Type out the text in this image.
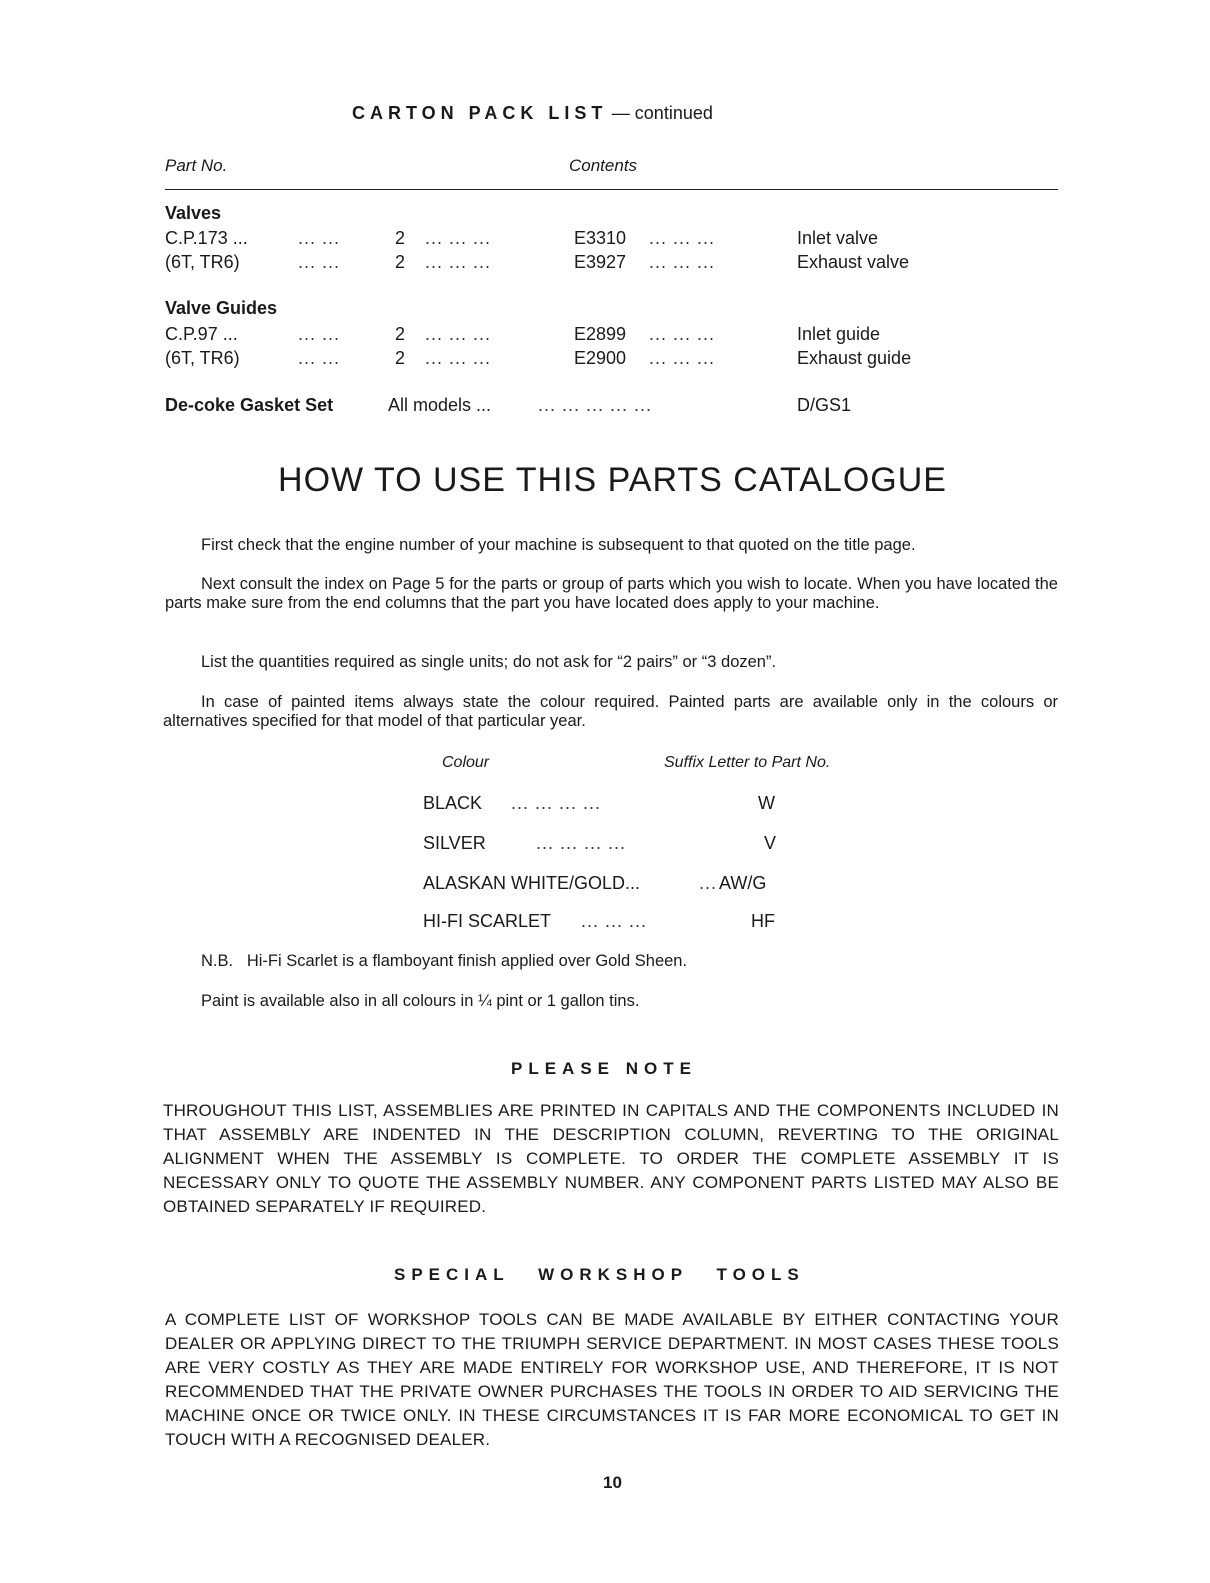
CARTON PACK LIST — continued
Part No.	Contents
Valves
C.P.173 ...	... ...	2 ... ... ...	E3310 ... ... ...	Inlet valve
(6T, TR6)	... ...	2 ... ... ...	E3927 ... ... ...	Exhaust valve
Valve Guides
C.P.97 ...	... ...	2 ... ... ...	E2899 ... ... ...	Inlet guide
(6T, TR6)	... ...	2 ... ... ...	E2900 ... ... ...	Exhaust guide
De-coke Gasket Set	All models ...	... ... ... ... ...	D/GS1
HOW TO USE THIS PARTS CATALOGUE
First check that the engine number of your machine is subsequent to that quoted on the title page.
Next consult the index on Page 5 for the parts or group of parts which you wish to locate. When you have located the parts make sure from the end columns that the part you have located does apply to your machine.
List the quantities required as single units; do not ask for “2 pairs” or “3 dozen”.
In case of painted items always state the colour required. Painted parts are available only in the colours or alternatives specified for that model of that particular year.
Colour	Suffix Letter to Part No.
BLACK ... ... ... ...	W
SILVER	... ... ... ...	V
ALASKAN WHITE/GOLD...	... AW/G
HI-FI SCARLET ... ... ...	HF
N.B.   Hi-Fi Scarlet is a flamboyant finish applied over Gold Sheen.
Paint is available also in all colours in ¼ pint or 1 gallon tins.
PLEASE NOTE
THROUGHOUT THIS LIST, ASSEMBLIES ARE PRINTED IN CAPITALS AND THE COMPONENTS INCLUDED IN THAT ASSEMBLY ARE INDENTED IN THE DESCRIPTION COLUMN, REVERTING TO THE ORIGINAL ALIGNMENT WHEN THE ASSEMBLY IS COMPLETE. TO ORDER THE COMPLETE ASSEMBLY IT IS NECESSARY ONLY TO QUOTE THE ASSEMBLY NUMBER. ANY COMPONENT PARTS LISTED MAY ALSO BE OBTAINED SEPARATELY IF REQUIRED.
SPECIAL WORKSHOP TOOLS
A COMPLETE LIST OF WORKSHOP TOOLS CAN BE MADE AVAILABLE BY EITHER CONTACTING YOUR DEALER OR APPLYING DIRECT TO THE TRIUMPH SERVICE DEPARTMENT. IN MOST CASES THESE TOOLS ARE VERY COSTLY AS THEY ARE MADE ENTIRELY FOR WORKSHOP USE, AND THEREFORE, IT IS NOT RECOMMENDED THAT THE PRIVATE OWNER PURCHASES THE TOOLS IN ORDER TO AID SERVICING THE MACHINE ONCE OR TWICE ONLY. IN THESE CIRCUMSTANCES IT IS FAR MORE ECONOMICAL TO GET IN TOUCH WITH A RECOGNISED DEALER.
10
